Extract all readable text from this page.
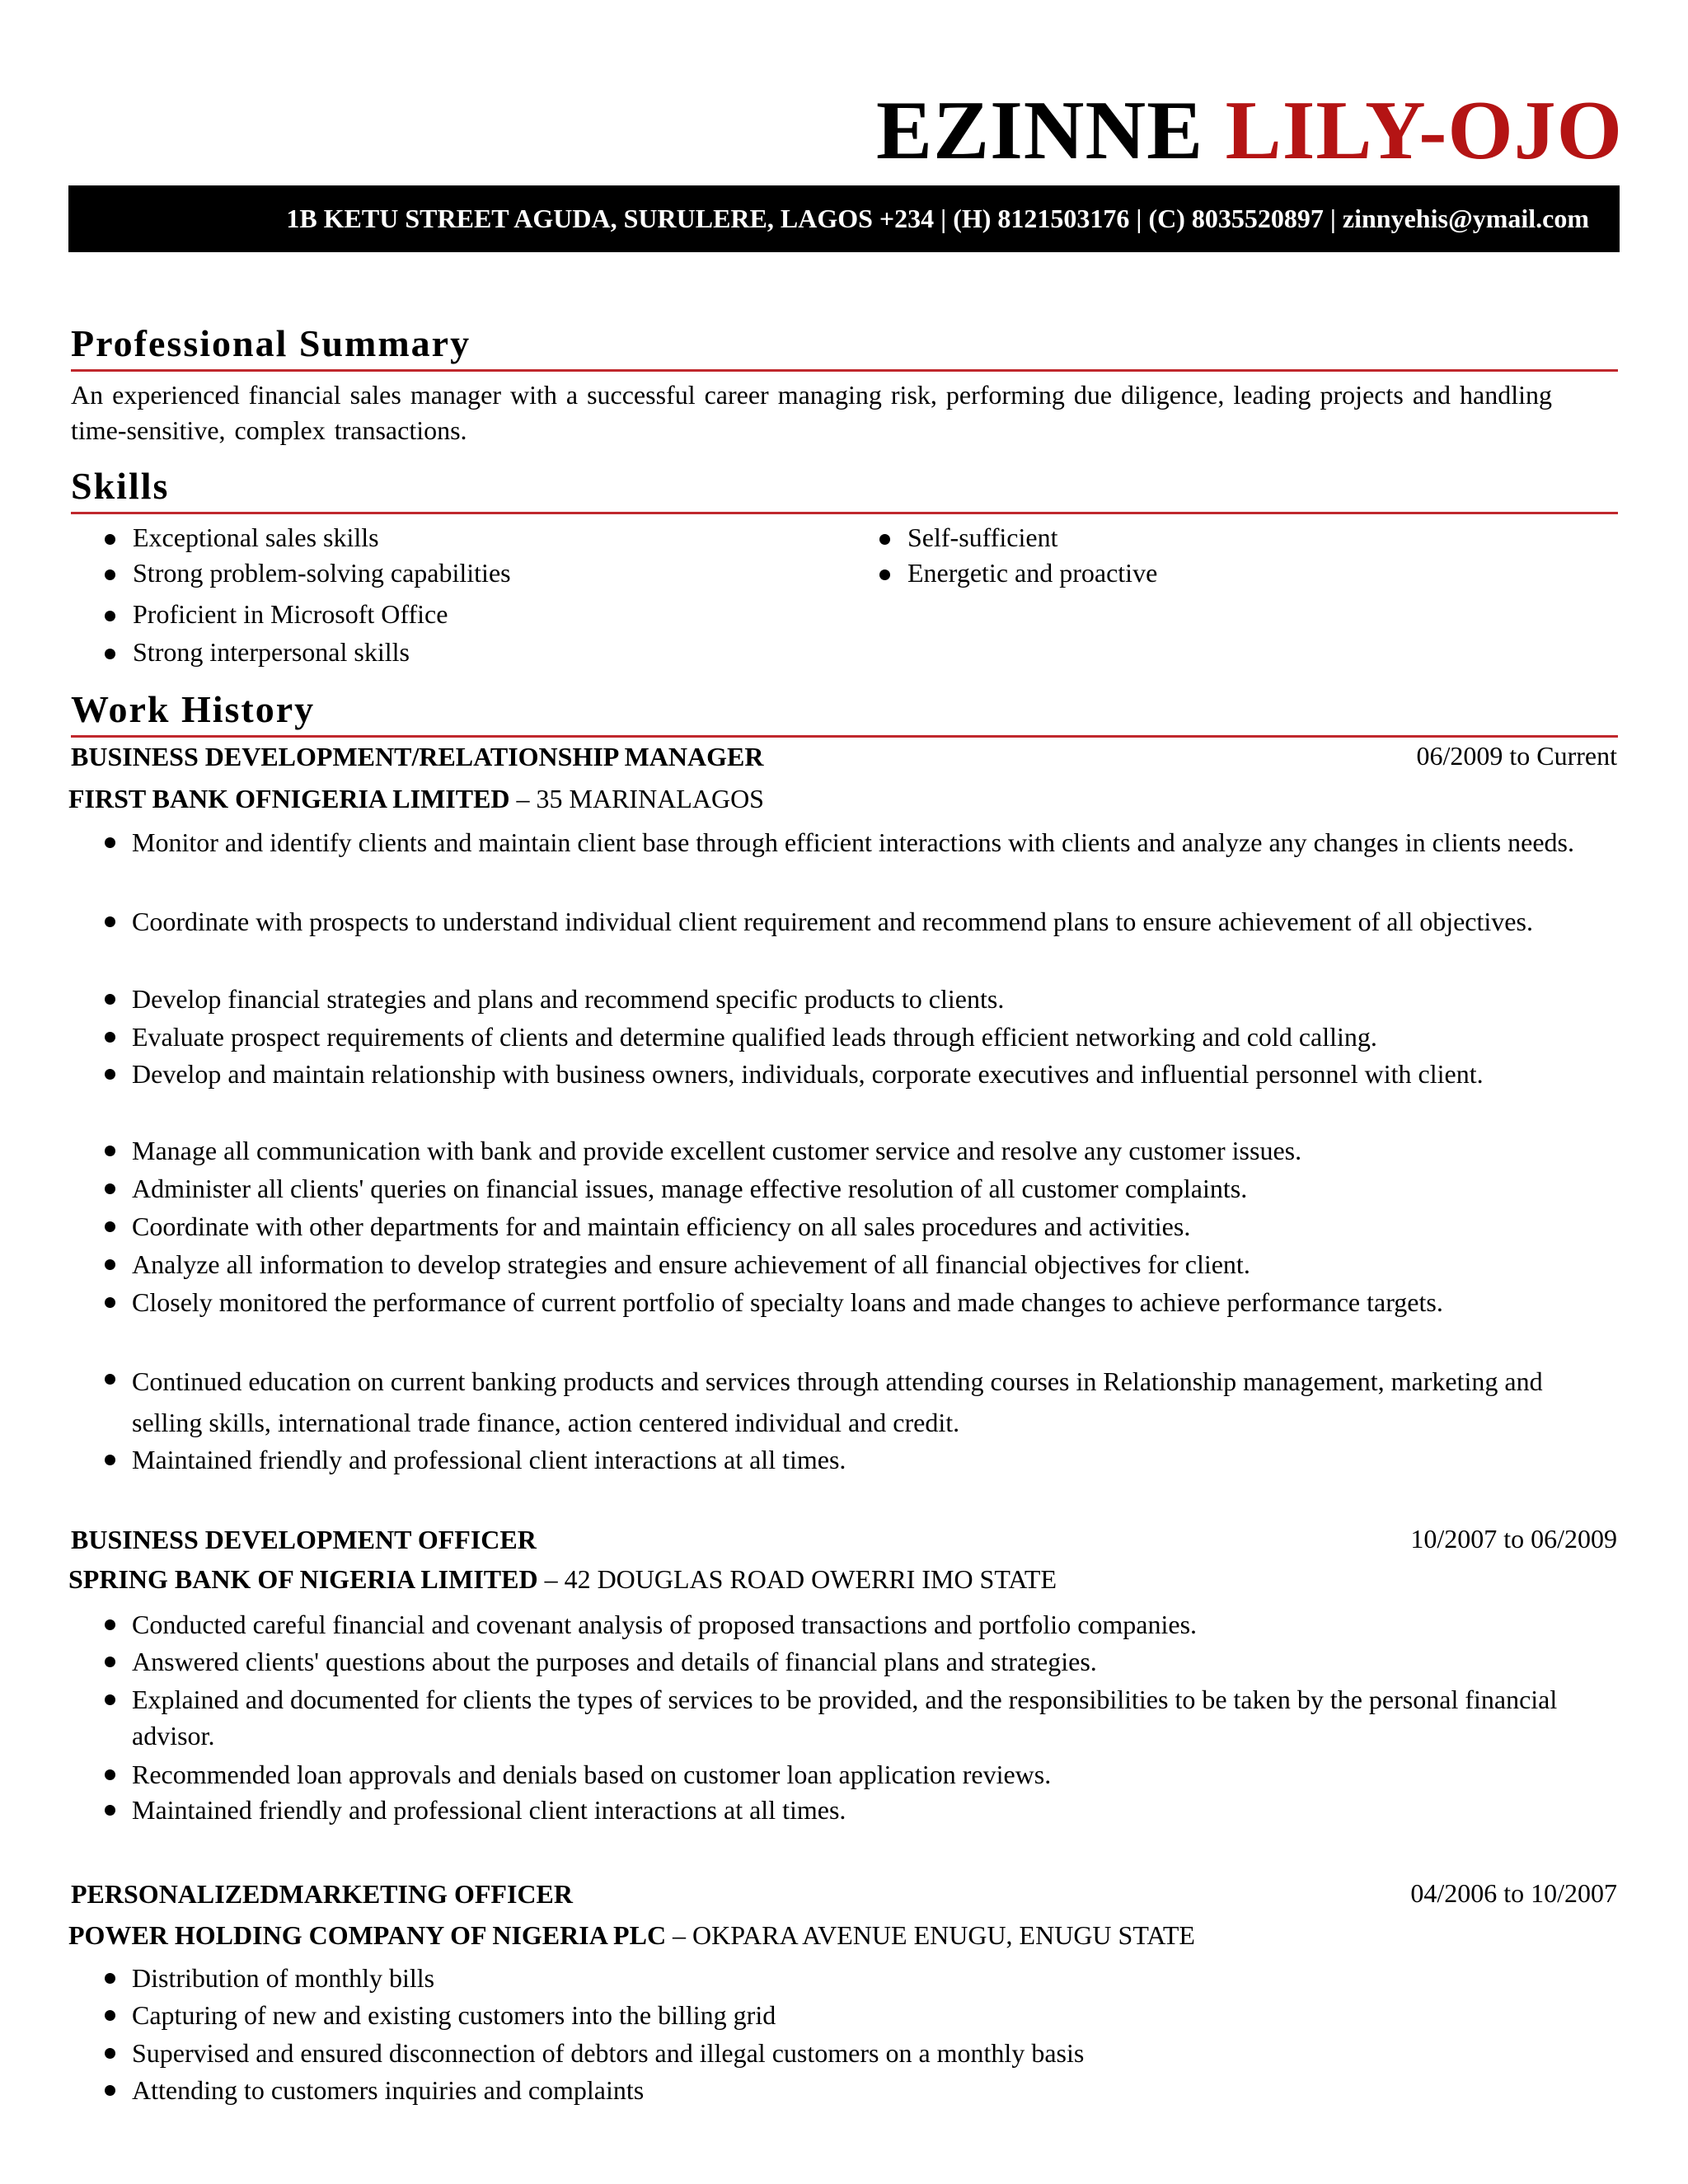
EZINNE LILY-OJO
1B KETU STREET AGUDA, SURULERE, LAGOS +234 | (H) 8121503176 | (C) 8035520897 | zinnyehis@ymail.com
Professional Summary
An experienced financial sales manager with a successful career managing risk, performing due diligence, leading projects and handling time-sensitive, complex transactions.
Skills
Exceptional sales skills
Strong problem-solving capabilities
Proficient in Microsoft Office
Strong interpersonal skills
Self-sufficient
Energetic and proactive
Work History
BUSINESS DEVELOPMENT/RELATIONSHIP MANAGER	06/2009 to Current
FIRST BANK OFNIGERIA LIMITED – 35 MARINALAGOS
Monitor and identify clients and maintain client base through efficient interactions with clients and analyze any changes in clients needs.
Coordinate with prospects to understand individual client requirement and recommend plans to ensure achievement of all objectives.
Develop financial strategies and plans and recommend specific products to clients.
Evaluate prospect requirements of clients and determine qualified leads through efficient networking and cold calling.
Develop and maintain relationship with business owners, individuals, corporate executives and influential personnel with client.
Manage all communication with bank and provide excellent customer service and resolve any customer issues.
Administer all clients' queries on financial issues, manage effective resolution of all customer complaints.
Coordinate with other departments for and maintain efficiency on all sales procedures and activities.
Analyze all information to develop strategies and ensure achievement of all financial objectives for client.
Closely monitored the performance of current portfolio of specialty loans and made changes to achieve performance targets.
Continued education on current banking products and services through attending courses in Relationship management, marketing and selling skills, international trade finance, action centered individual and credit.
Maintained friendly and professional client interactions at all times.
BUSINESS DEVELOPMENT OFFICER	10/2007 to 06/2009
SPRING BANK OF NIGERIA LIMITED – 42 DOUGLAS ROAD OWERRI IMO STATE
Conducted careful financial and covenant analysis of proposed transactions and portfolio companies.
Answered clients' questions about the purposes and details of financial plans and strategies.
Explained and documented for clients the types of services to be provided, and the responsibilities to be taken by the personal financial advisor.
Recommended loan approvals and denials based on customer loan application reviews.
Maintained friendly and professional client interactions at all times.
PERSONALIZEDMARKETING OFFICER	04/2006 to 10/2007
POWER HOLDING COMPANY OF NIGERIA PLC – OKPARA AVENUE ENUGU, ENUGU STATE
Distribution of monthly bills
Capturing of new and existing customers into the billing grid
Supervised and ensured disconnection of debtors and illegal customers on a monthly basis
Attending to customers inquiries and complaints
